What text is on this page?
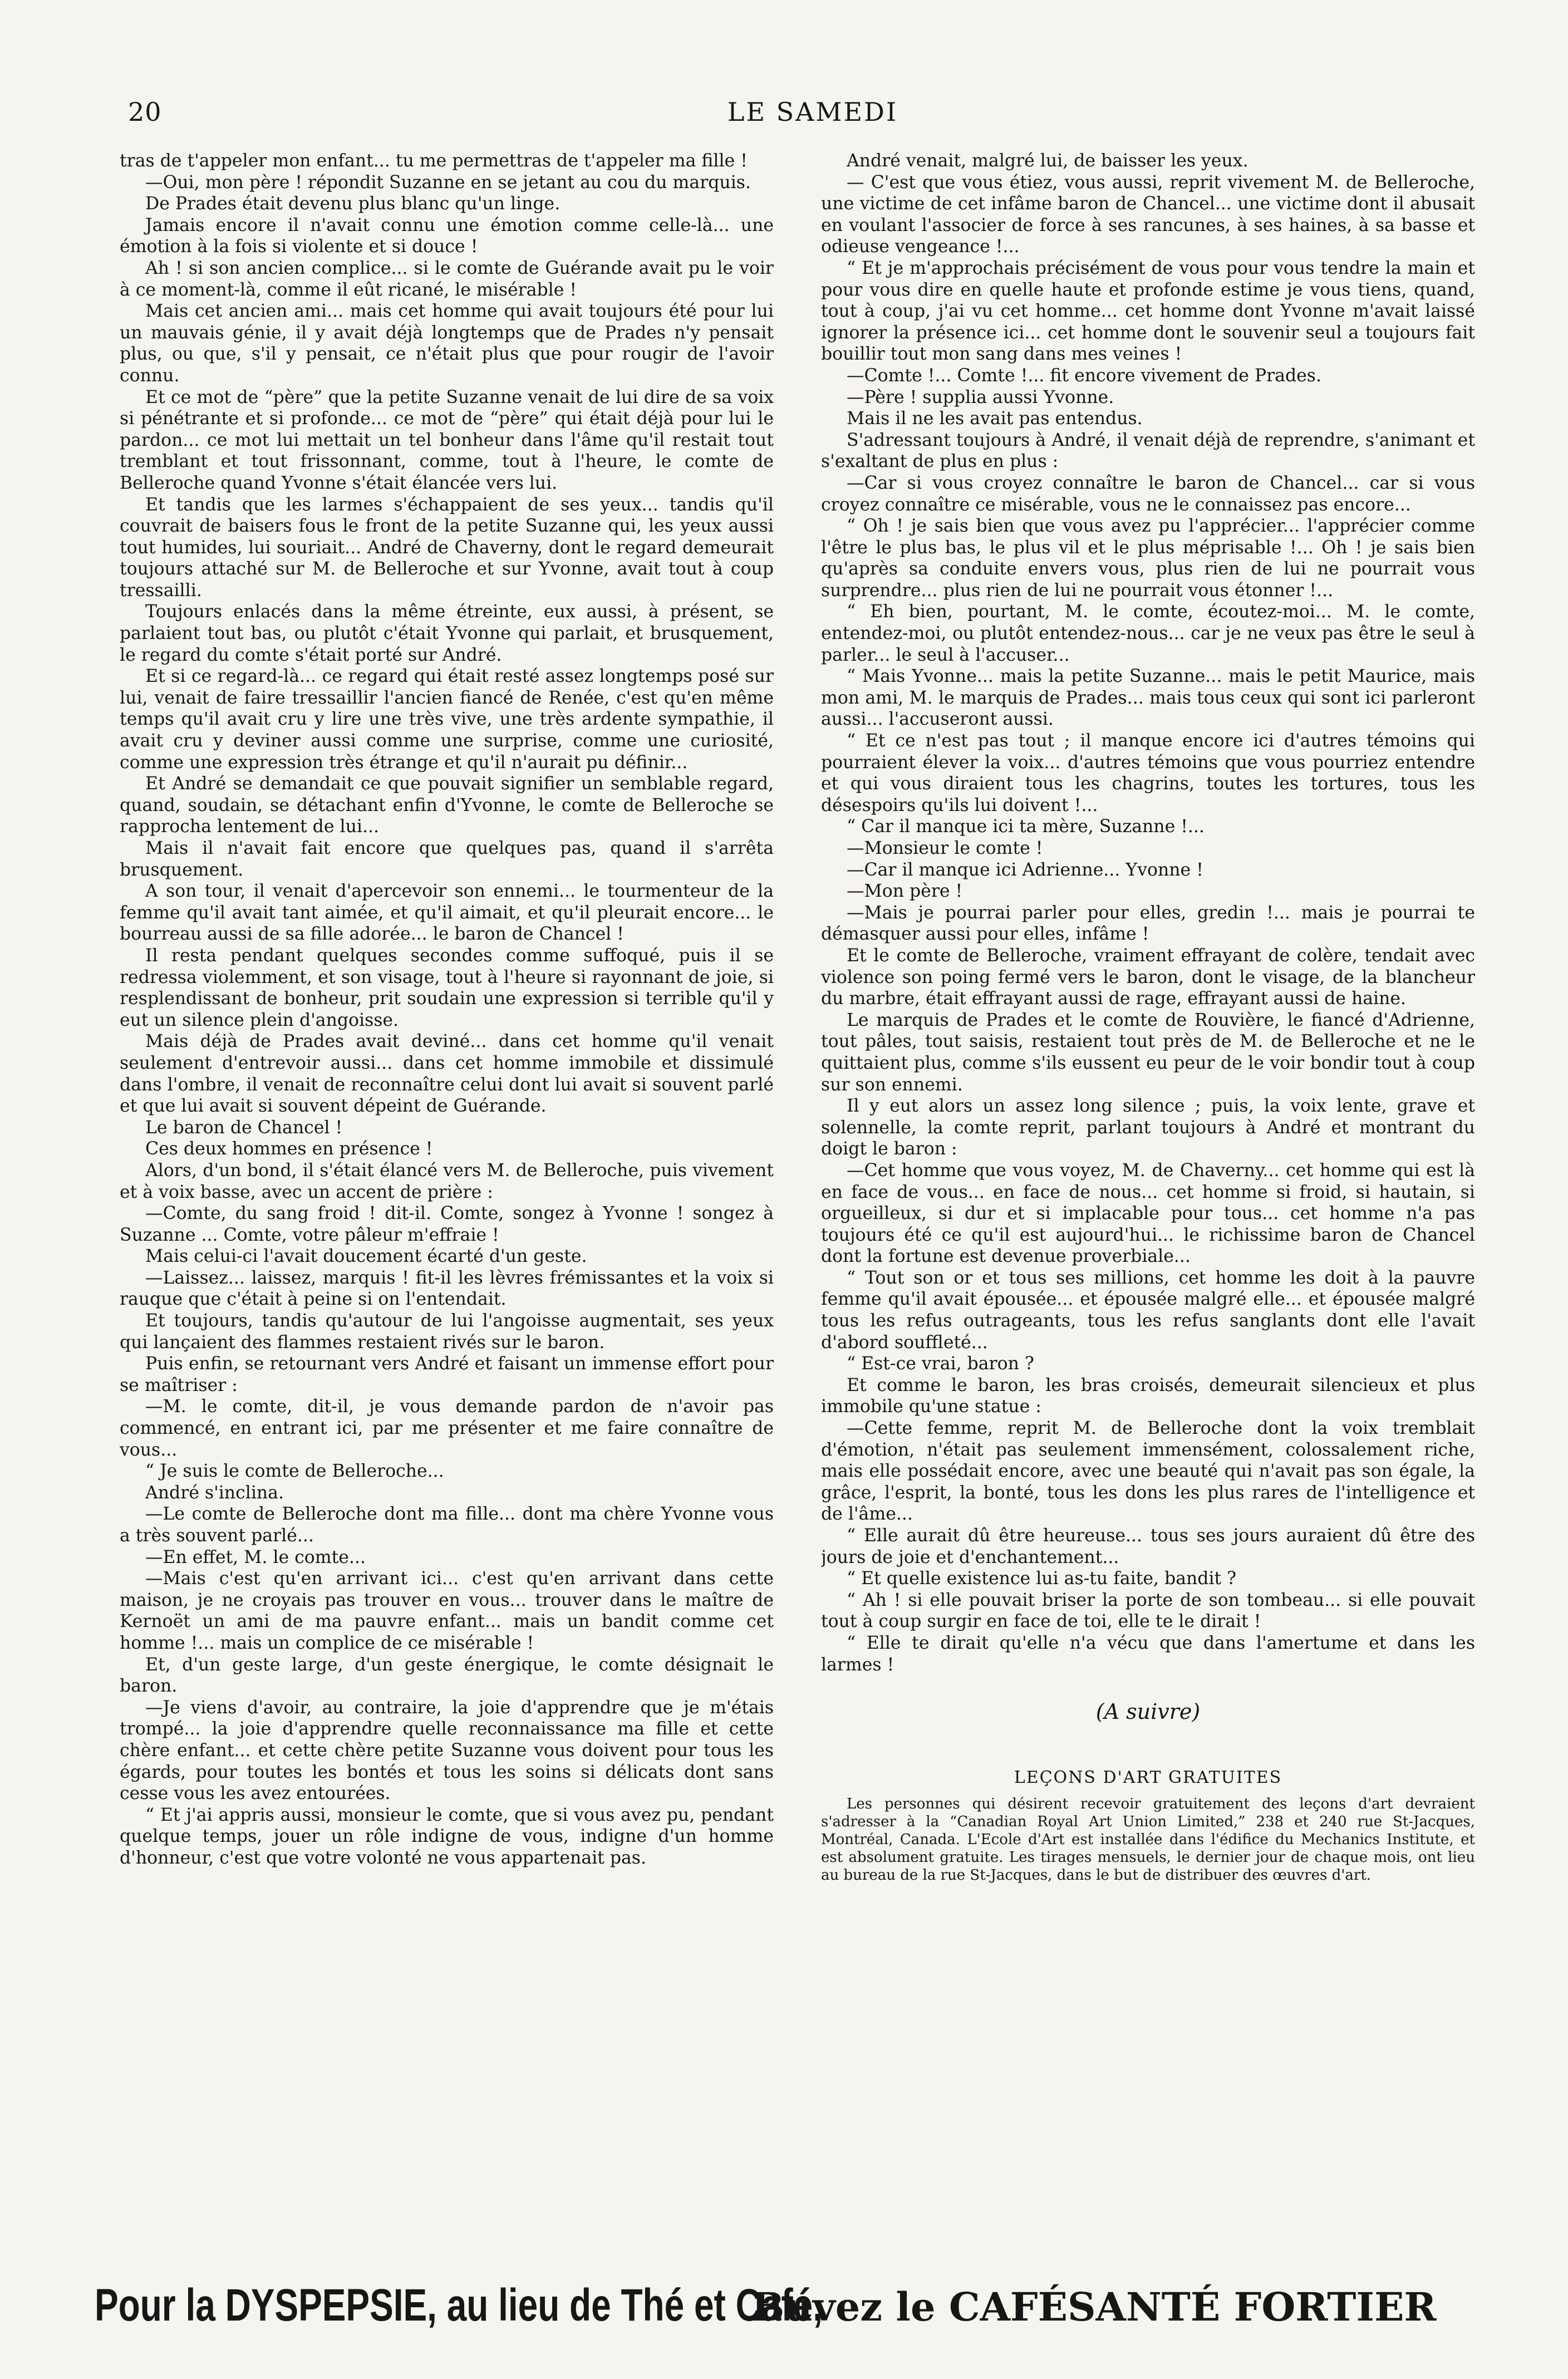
20	LE SAMEDI

tras de t'appeler mon enfant... tu me permettras de t'appeler ma fille !

—Oui, mon père ! répondit Suzanne en se jetant au cou du marquis.

De Prades était devenu plus blanc qu'un linge.

Jamais encore il n'avait connu une émotion comme celle-là... une émotion à la fois si violente et si douce !

Ah ! si son ancien complice... si le comte de Guérande avait pu le voir à ce moment-là, comme il eût ricané, le misérable !

Mais cet ancien ami... mais cet homme qui avait toujours été pour lui un mauvais génie, il y avait déjà longtemps que de Prades n'y pensait plus, ou que, s'il y pensait, ce n'était plus que pour rougir de l'avoir connu.

Et ce mot de “père” que la petite Suzanne venait de lui dire de sa voix si pénétrante et si profonde... ce mot de “père” qui était déjà pour lui le pardon... ce mot lui mettait un tel bonheur dans l'âme qu'il restait tout tremblant et tout frissonnant, comme, tout à l'heure, le comte de Belleroche quand Yvonne s'était élancée vers lui.

Et tandis que les larmes s'échappaient de ses yeux... tandis qu'il couvrait de baisers fous le front de la petite Suzanne qui, les yeux aussi tout humides, lui souriait... André de Chaverny, dont le regard demeurait toujours attaché sur M. de Belleroche et sur Yvonne, avait tout à coup tressailli.

Toujours enlacés dans la même étreinte, eux aussi, à présent, se parlaient tout bas, ou plutôt c'était Yvonne qui parlait, et brusquement, le regard du comte s'était porté sur André.

Et si ce regard-là... ce regard qui était resté assez longtemps posé sur lui, venait de faire tressaillir l'ancien fiancé de Renée, c'est qu'en même temps qu'il avait cru y lire une très vive, une très ardente sympathie, il avait cru y deviner aussi comme une surprise, comme une curiosité, comme une expression très étrange et qu'il n'aurait pu définir...

Et André se demandait ce que pouvait signifier un semblable regard, quand, soudain, se détachant enfin d'Yvonne, le comte de Belleroche se rapprocha lentement de lui...

Mais il n'avait fait encore que quelques pas, quand il s'arrêta brusquement.

A son tour, il venait d'apercevoir son ennemi... le tourmenteur de la femme qu'il avait tant aimée, et qu'il aimait, et qu'il pleurait encore... le bourreau aussi de sa fille adorée... le baron de Chancel !

Il resta pendant quelques secondes comme suffoqué, puis il se redressa violemment, et son visage, tout à l'heure si rayonnant de joie, si resplendissant de bonheur, prit soudain une expression si terrible qu'il y eut un silence plein d'angoisse.

Mais déjà de Prades avait deviné... dans cet homme qu'il venait seulement d'entrevoir aussi... dans cet homme immobile et dissimulé dans l'ombre, il venait de reconnaître celui dont lui avait si souvent parlé et que lui avait si souvent dépeint de Guérande.

Le baron de Chancel !

Ces deux hommes en présence !

Alors, d'un bond, il s'était élancé vers M. de Belleroche, puis vivement et à voix basse, avec un accent de prière :

—Comte, du sang froid ! dit-il. Comte, songez à Yvonne ! songez à Suzanne ... Comte, votre pâleur m'effraie !

Mais celui-ci l'avait doucement écarté d'un geste.

—Laissez... laissez, marquis ! fit-il les lèvres frémissantes et la voix si rauque que c'était à peine si on l'entendait.

Et toujours, tandis qu'autour de lui l'angoisse augmentait, ses yeux qui lançaient des flammes restaient rivés sur le baron.

Puis enfin, se retournant vers André et faisant un immense effort pour se maîtriser :

—M. le comte, dit-il, je vous demande pardon de n'avoir pas commencé, en entrant ici, par me présenter et me faire connaître de vous...

“ Je suis le comte de Belleroche...

André s'inclina.

—Le comte de Belleroche dont ma fille... dont ma chère Yvonne vous a très souvent parlé...

—En effet, M. le comte...

—Mais c'est qu'en arrivant ici... c'est qu'en arrivant dans cette maison, je ne croyais pas trouver en vous... trouver dans le maître de Kernoët un ami de ma pauvre enfant... mais un bandit comme cet homme !... mais un complice de ce misérable !

Et, d'un geste large, d'un geste énergique, le comte désignait le baron.

—Je viens d'avoir, au contraire, la joie d'apprendre que je m'étais trompé... la joie d'apprendre quelle reconnaissance ma fille et cette chère enfant... et cette chère petite Suzanne vous doivent pour tous les égards, pour toutes les bontés et tous les soins si délicats dont sans cesse vous les avez entourées.

“ Et j'ai appris aussi, monsieur le comte, que si vous avez pu, pendant quelque temps, jouer un rôle indigne de vous, indigne d'un homme d'honneur, c'est que votre volonté ne vous appartenait pas.

André venait, malgré lui, de baisser les yeux.

— C'est que vous étiez, vous aussi, reprit vivement M. de Belleroche, une victime de cet infâme baron de Chancel... une victime dont il abusait en voulant l'associer de force à ses rancunes, à ses haines, à sa basse et odieuse vengeance !...

“ Et je m'approchais précisément de vous pour vous tendre la main et pour vous dire en quelle haute et profonde estime je vous tiens, quand, tout à coup, j'ai vu cet homme... cet homme dont Yvonne m'avait laissé ignorer la présence ici... cet homme dont le souvenir seul a toujours fait bouillir tout mon sang dans mes veines !

—Comte !... Comte !... fit encore vivement de Prades.

—Père ! supplia aussi Yvonne.

Mais il ne les avait pas entendus.

S'adressant toujours à André, il venait déjà de reprendre, s'animant et s'exaltant de plus en plus :

—Car si vous croyez connaître le baron de Chancel... car si vous croyez connaître ce misérable, vous ne le connaissez pas encore...

“ Oh ! je sais bien que vous avez pu l'apprécier... l'apprécier comme l'être le plus bas, le plus vil et le plus méprisable !... Oh ! je sais bien qu'après sa conduite envers vous, plus rien de lui ne pourrait vous surprendre... plus rien de lui ne pourrait vous étonner !...

“ Eh bien, pourtant, M. le comte, écoutez-moi... M. le comte, entendez-moi, ou plutôt entendez-nous... car je ne veux pas être le seul à parler... le seul à l'accuser...

“ Mais Yvonne... mais la petite Suzanne... mais le petit Maurice, mais mon ami, M. le marquis de Prades... mais tous ceux qui sont ici parleront aussi... l'accuseront aussi.

“ Et ce n'est pas tout ; il manque encore ici d'autres témoins qui pourraient élever la voix... d'autres témoins que vous pourriez entendre et qui vous diraient tous les chagrins, toutes les tortures, tous les désespoirs qu'ils lui doivent !...

“ Car il manque ici ta mère, Suzanne !...

—Monsieur le comte !

—Car il manque ici Adrienne... Yvonne !

—Mon père !

—Mais je pourrai parler pour elles, gredin !... mais je pourrai te démasquer aussi pour elles, infâme !

Et le comte de Belleroche, vraiment effrayant de colère, tendait avec violence son poing fermé vers le baron, dont le visage, de la blancheur du marbre, était effrayant aussi de rage, effrayant aussi de haine.

Le marquis de Prades et le comte de Rouvière, le fiancé d'Adrienne, tout pâles, tout saisis, restaient tout près de M. de Belleroche et ne le quittaient plus, comme s'ils eussent eu peur de le voir bondir tout à coup sur son ennemi.

Il y eut alors un assez long silence ; puis, la voix lente, grave et solennelle, la comte reprit, parlant toujours à André et montrant du doigt le baron :

—Cet homme que vous voyez, M. de Chaverny... cet homme qui est là en face de vous... en face de nous... cet homme si froid, si hautain, si orgueilleux, si dur et si implacable pour tous... cet homme n'a pas toujours été ce qu'il est aujourd'hui... le richissime baron de Chancel dont la fortune est devenue proverbiale...

“ Tout son or et tous ses millions, cet homme les doit à la pauvre femme qu'il avait épousée... et épousée malgré elle... et épousée malgré tous les refus outrageants, tous les refus sanglants dont elle l'avait d'abord souffleté...

“ Est-ce vrai, baron ?

Et comme le baron, les bras croisés, demeurait silencieux et plus immobile qu'une statue :

—Cette femme, reprit M. de Belleroche dont la voix tremblait d'émotion, n'était pas seulement immensément, colossalement riche, mais elle possédait encore, avec une beauté qui n'avait pas son égale, la grâce, l'esprit, la bonté, tous les dons les plus rares de l'intelligence et de l'âme...

“ Elle aurait dû être heureuse... tous ses jours auraient dû être des jours de joie et d'enchantement...

“ Et quelle existence lui as-tu faite, bandit ?

“ Ah ! si elle pouvait briser la porte de son tombeau... si elle pouvait tout à coup surgir en face de toi, elle te le dirait !

“ Elle te dirait qu'elle n'a vécu que dans l'amertume et dans les larmes !

(A suivre)
LEÇONS D'ART GRATUITES

Les personnes qui désirent recevoir gratuitement des leçons d'art devraient s'adresser à la “Canadian Royal Art Union Limited,” 238 et 240 rue St-Jacques, Montréal, Canada. L'Ecole d'Art est installée dans l'édifice du Mechanics Institute, et est absolument gratuite. Les tirages mensuels, le dernier jour de chaque mois, ont lieu au bureau de la rue St-Jacques, dans le but de distribuer des œuvres d'art.

Pour la DYSPEPSIE, au lieu de Thé et Café,
Buvez le CAFÉSANTÉ FORTIER
